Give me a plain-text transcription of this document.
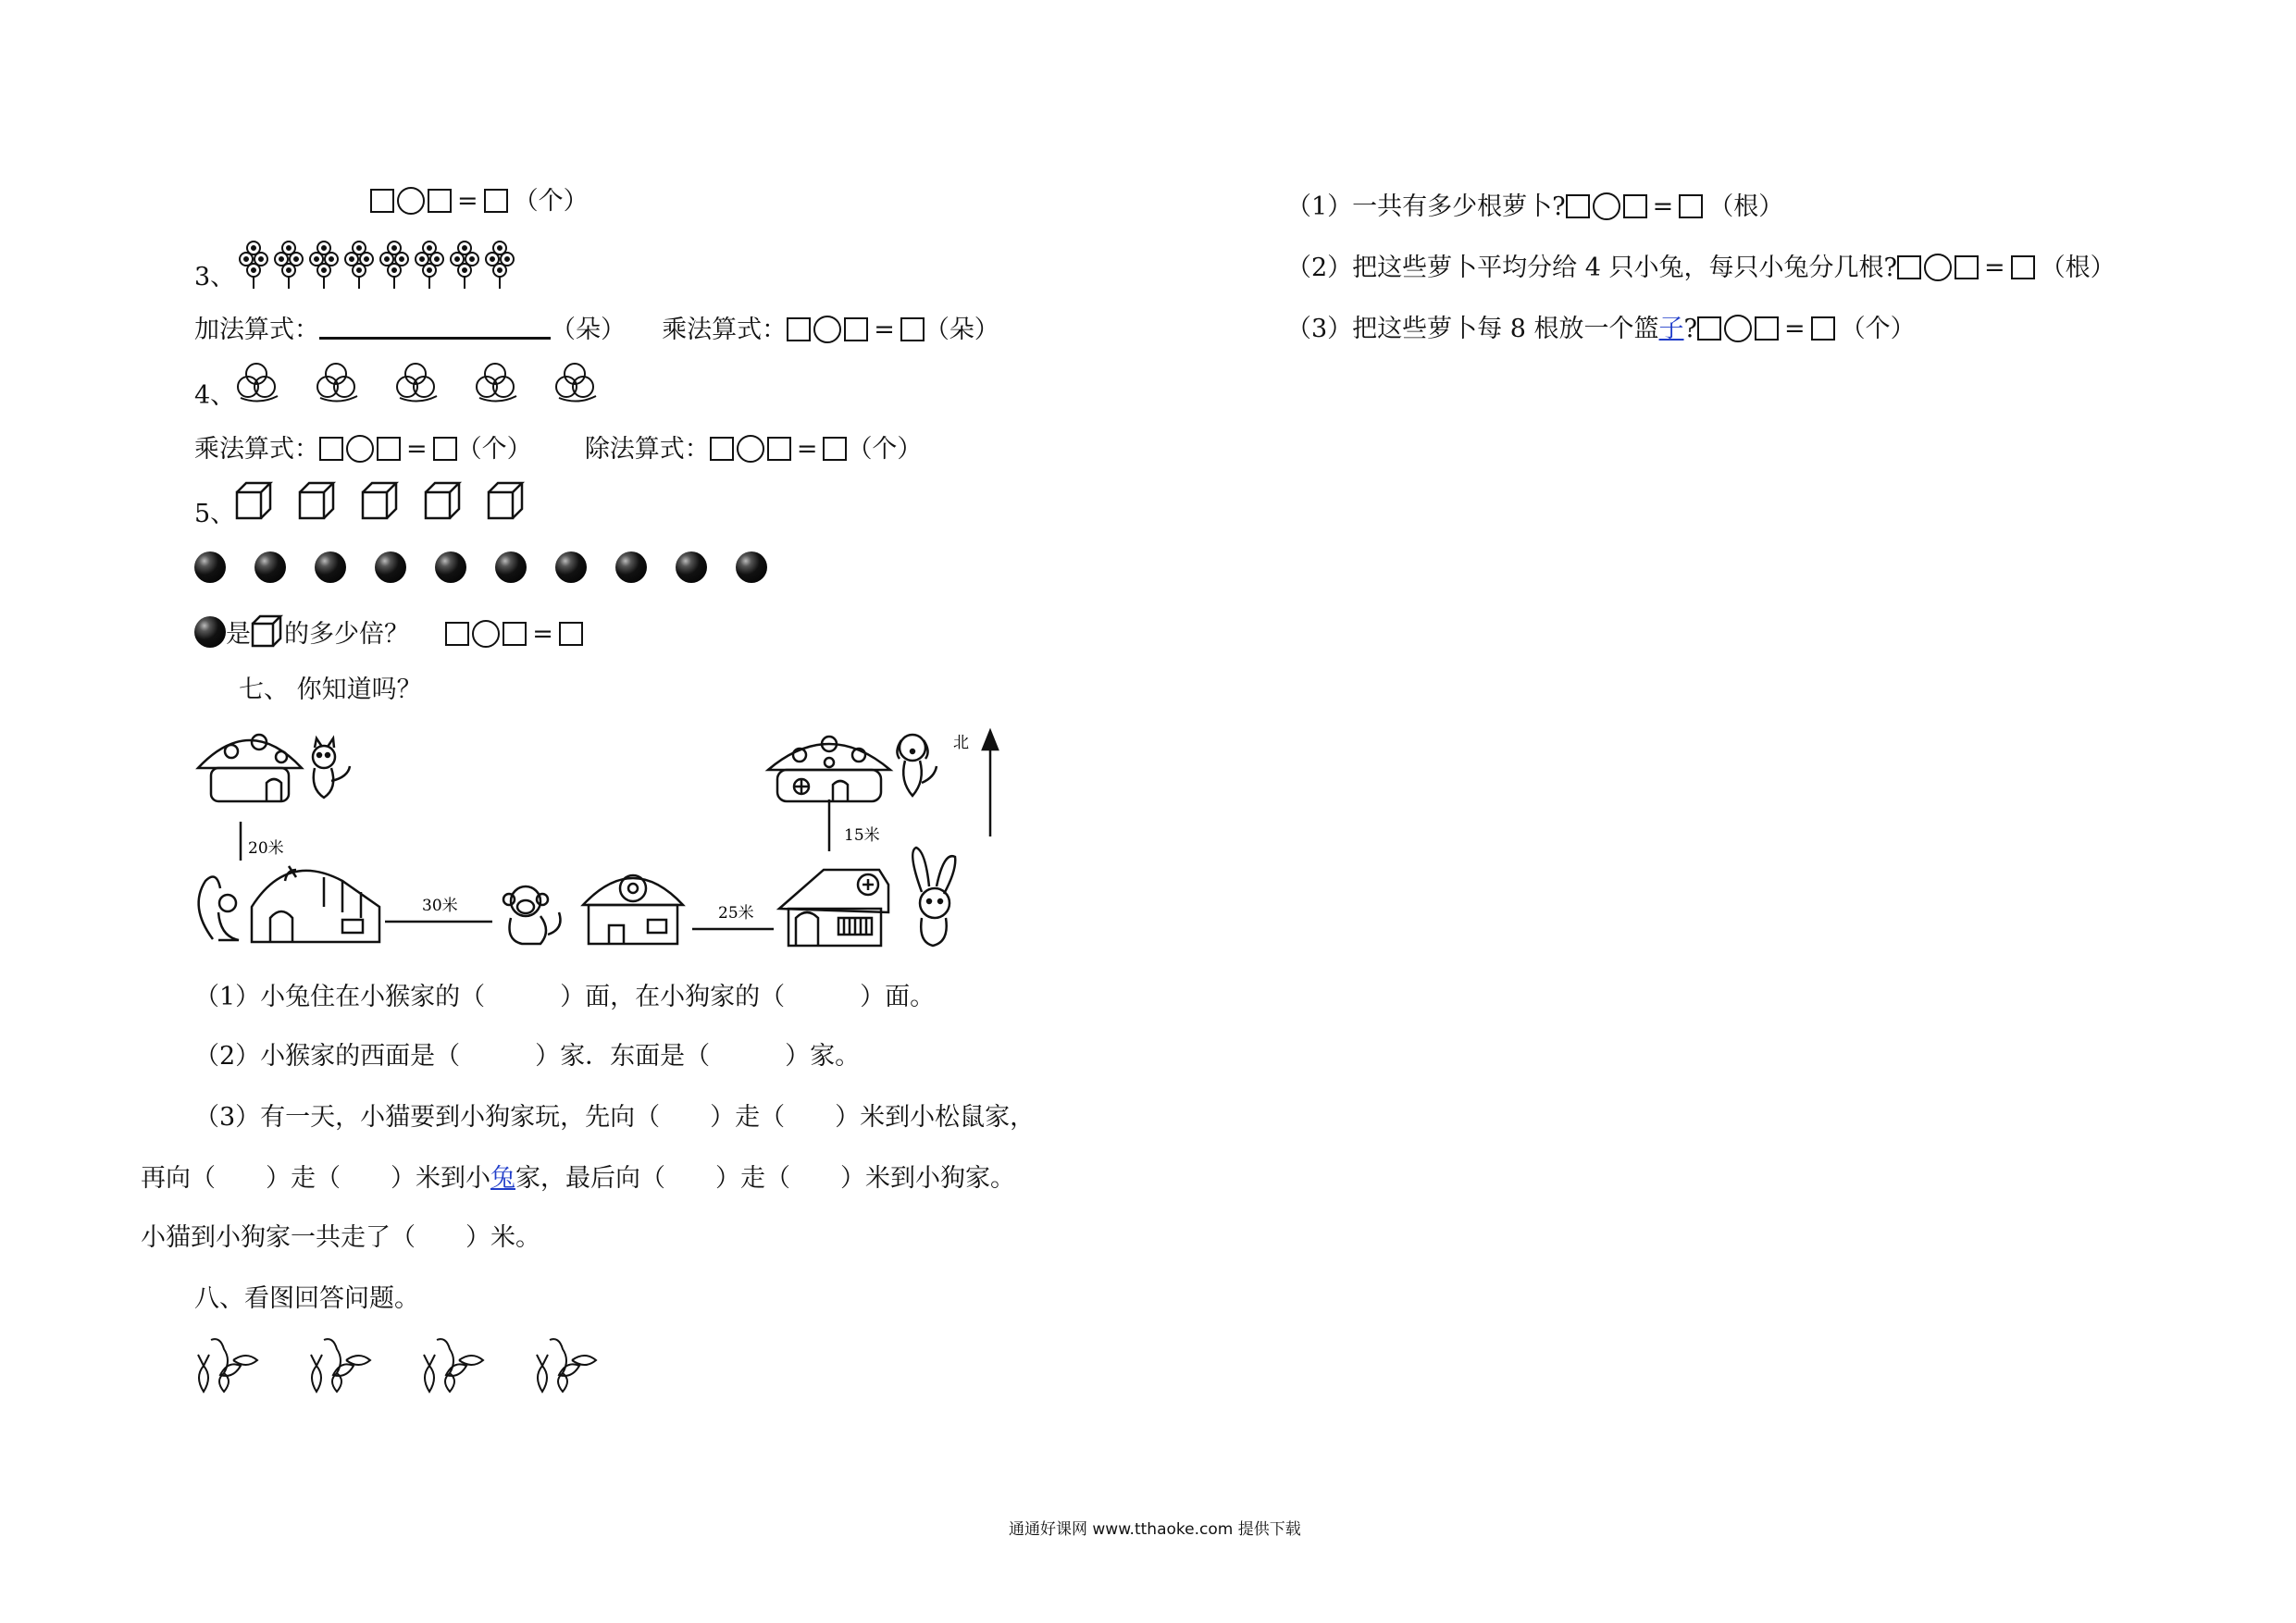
= （个）
3、
加法算式：	（朵） 乘法算式：	= （朵）
4、
乘法算式：	= （个） 除法算式：	= （个）
5、
是 的多少倍？	=
七、 你知道吗？
北
20米
30米	25米
15米
（1）小兔住在小猴家的（　　　）面，在小狗家的（　　　）面。
（2）小猴家的西面是（　　　）家．东面是（　　　）家。
（3）有一天，小猫要到小狗家玩，先向（　　）走（　　）米到小松鼠家，
再向（　　）走（　　）米到小兔家，最后向（　　）走（　　）米到小狗家。
小猫到小狗家一共走了（　　）米。
八、看图回答问题。
（1）一共有多少根萝卜?	= （根）
（2）把这些萝卜平均分给 4 只小兔，每只小兔分几根?	= （根）
（3）把这些萝卜每 8 根放一个篮子?	= （个）
通通好课网 www.tthaoke.com 提供下载
